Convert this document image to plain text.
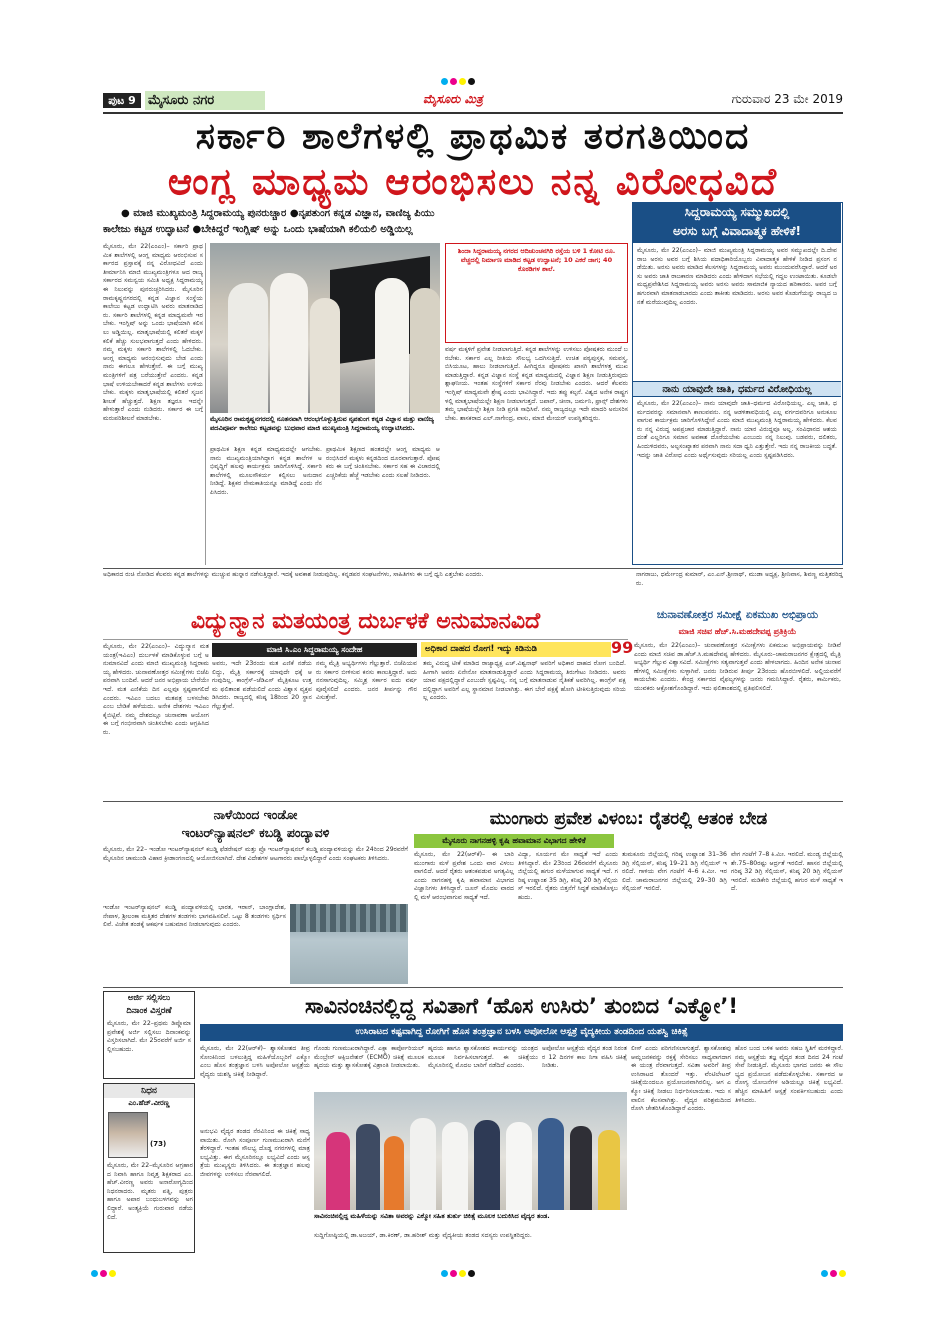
ಪುಟ 9 ಮೈಸೂರು ನಗರ	ಮೈಸೂರು ಮಿತ್ರ	ಗುರುವಾರ 23 ಮೇ 2019
ಸರ್ಕಾರಿ ಶಾಲೆಗಳಲ್ಲಿ ಪ್ರಾಥಮಿಕ ತರಗತಿಯಿಂದ
ಆಂಗ್ಲ ಮಾಧ್ಯಮ ಆರಂಭಿಸಲು ನನ್ನ ವಿರೋಧವಿದೆ
● ಮಾಜಿ ಮುಖ್ಯಮಂತ್ರಿ ಸಿದ್ದರಾಮಯ್ಯ ಪುನರುಚ್ಚಾರ ●ನೃಪತುಂಗ ಕನ್ನಡ ವಿಜ್ಞಾನ, ವಾಣಿಜ್ಯ ಪಿಯು
ಕಾಲೇಜು ಕಟ್ಟಡ ಉದ್ಘಾಟನೆ ●ಬೇಕಿದ್ದರೆ ಇಂಗ್ಲಿಷ್ ಅನ್ನು ಒಂದು ಭಾಷೆಯಾಗಿ ಕಲಿಯಲಿ ಅಡ್ಡಿಯಿಲ್ಲ
ಮೈಸೂರು, ಮೇ 22(ಎಂಎಂ)– ಸರ್ಕಾರಿ ಪ್ರಾಥಮಿಕ ಶಾಲೆಗಳಲ್ಲಿ ಆಂಗ್ಲ ಮಾಧ್ಯಮ ಆರಂಭಿಸುವ ಸರ್ಕಾರದ ಪ್ರಸ್ತಾವಕ್ಕೆ ನನ್ನ ವಿರೋಧವಿದೆ ಎಂದು ತೀರ್ಮಾನಿಸಿ ಮಾಜಿ ಮುಖ್ಯಮಂತ್ರಿಗಳೂ ಆದ ರಾಜ್ಯ ಸರ್ಕಾರದ ಸಮನ್ವಯ ಸಮಿತಿ ಅಧ್ಯಕ್ಷ ಸಿದ್ದರಾಮಯ್ಯ ಈ ನಿಲುವನ್ನು ಪುನರುಚ್ಚರಿಸಿದರು. ಮೈಸೂರಿನ ರಾಮಕೃಷ್ಣನಗರದಲ್ಲಿ ಕನ್ನಡ ವಿಜ್ಞಾನ ಸಂಸ್ಥೆಯ ಕಾಲೇಜು ಕಟ್ಟಡ ಉದ್ಘಾಟಿಸಿ ಅವರು ಮಾತನಾಡಿದರು. ಸರ್ಕಾರಿ ಶಾಲೆಗಳಲ್ಲಿ ಕನ್ನಡ ಮಾಧ್ಯಮವೇ ಇರಬೇಕು. ಇಂಗ್ಲಿಷ್ ಅನ್ನು ಒಂದು ಭಾಷೆಯಾಗಿ ಕಲಿಸಲು ಅಡ್ಡಿಯಿಲ್ಲ. ಮಾತೃಭಾಷೆಯಲ್ಲಿ ಕಲಿತರೆ ಮಕ್ಕಳ ಕಲಿಕೆ ಹೆಚ್ಚು ಸುಲಭವಾಗುತ್ತದೆ ಎಂದು ಹೇಳಿದರು. ನಮ್ಮ ಮಕ್ಕಳು ಸರ್ಕಾರಿ ಶಾಲೆಗಳಲ್ಲಿ ಓದಬೇಕು. ಆಂಗ್ಲ ಮಾಧ್ಯಮ ಆರಂಭಿಸುವುದು ಬೇಡ ಎಂದು ನಾನು ಈಗಲೂ ಹೇಳುತ್ತೇನೆ. ಈ ಬಗ್ಗೆ ಮುಖ್ಯಮಂತ್ರಿಗಳಿಗೆ ಪತ್ರ ಬರೆಯುತ್ತೇನೆ ಎಂದರು. ಕನ್ನಡ ಭಾಷೆ ಉಳಿಯಬೇಕಾದರೆ ಕನ್ನಡ ಶಾಲೆಗಳು ಉಳಿಯಬೇಕು. ಮಕ್ಕಳು ಮಾತೃಭಾಷೆಯಲ್ಲಿ ಕಲಿತರೆ ಸೃಜನಶೀಲತೆ ಹೆಚ್ಚುತ್ತದೆ. ಶಿಕ್ಷಣ ತಜ್ಞರೂ ಇದನ್ನೇ ಹೇಳುತ್ತಾರೆ ಎಂದು ನುಡಿದರು. ಸರ್ಕಾರ ಈ ಬಗ್ಗೆ ಮರುಪರಿಶೀಲನೆ ಮಾಡಬೇಕು.	ಮೈಸೂರಿನ ರಾಮಕೃಷ್ಣನಗರದಲ್ಲಿ ನೂತನವಾಗಿ ಆರಂಭಗೊಳ್ಳುತ್ತಿರುವ ನೃಪತುಂಗ ಕನ್ನಡ ವಿಜ್ಞಾನ ಮತ್ತು ವಾಣಿಜ್ಯ ಪದವಿಪೂರ್ವ ಕಾಲೇಜು ಕಟ್ಟಡವನ್ನು ಬುಧವಾರ ಮಾಜಿ ಮುಖ್ಯಮಂತ್ರಿ ಸಿದ್ದರಾಮಯ್ಯ ಉದ್ಘಾಟಿಸಿದರು.
ಶಿಂದಾ ಸಿದ್ದರಾಮಯ್ಯ ನಗರದ ಆದಿಚುಂಚನಗಿರಿ ರಸ್ತೆಯ ಬಳಿ 1 ಕೋಟಿ ರೂ. ವೆಚ್ಚದಲ್ಲಿ ನಿರ್ಮಾಣ ಮಾಡಿದ ಕಟ್ಟಡ ಉದ್ಘಾಟನೆ; 10 ಎಕರೆ ಜಾಗ; 40 ಕೊಠಡಿಗಳ ಶಾಲೆ.
ವರ್ಷ ಮಕ್ಕಳಿಗೆ ಪ್ರವೇಶ ನೀಡಲಾಗುತ್ತಿದೆ. ಕನ್ನಡ ಶಾಲೆಗಳನ್ನು ಉಳಿಸಲು ಪೋಷಕರು ಮುಂದೆ ಬರಬೇಕು. ಸರ್ಕಾರ ಎಲ್ಲ ರೀತಿಯ ಸೌಲಭ್ಯ ಒದಗಿಸುತ್ತಿದೆ. ಉಚಿತ ಪಠ್ಯಪುಸ್ತಕ, ಸಮವಸ್ತ್ರ, ಬಿಸಿಯೂಟ, ಹಾಲು ನೀಡಲಾಗುತ್ತಿದೆ. ಹೀಗಿದ್ದರೂ ಪೋಷಕರು ಖಾಸಗಿ ಶಾಲೆಗಳತ್ತ ಮುಖ ಮಾಡುತ್ತಿದ್ದಾರೆ. ಕನ್ನಡ ವಿಜ್ಞಾನ ಸಂಸ್ಥೆ ಕನ್ನಡ ಮಾಧ್ಯಮದಲ್ಲಿ ವಿಜ್ಞಾನ ಶಿಕ್ಷಣ ನೀಡುತ್ತಿರುವುದು ಶ್ಲಾಘನೀಯ. ಇಂತಹ ಸಂಸ್ಥೆಗಳಿಗೆ ಸರ್ಕಾರ ನೆರವು ನೀಡಬೇಕು ಎಂದರು. ಆದರೆ ಕೆಲವರು ಇಂಗ್ಲಿಷ್ ಮಾಧ್ಯಮವೇ ಶ್ರೇಷ್ಠ ಎಂದು ಭಾವಿಸಿದ್ದಾರೆ. ಇದು ತಪ್ಪು ಕಲ್ಪನೆ. ವಿಶ್ವದ ಅನೇಕ ರಾಷ್ಟ್ರಗಳಲ್ಲಿ ಮಾತೃಭಾಷೆಯಲ್ಲೇ ಶಿಕ್ಷಣ ನೀಡಲಾಗುತ್ತದೆ. ಜಪಾನ್, ಚೀನಾ, ಜರ್ಮನಿ, ಫ್ರಾನ್ಸ್ ದೇಶಗಳು ತಮ್ಮ ಭಾಷೆಯಲ್ಲೇ ಶಿಕ್ಷಣ ನೀಡಿ ಪ್ರಗತಿ ಸಾಧಿಸಿವೆ. ನಮ್ಮ ರಾಜ್ಯದಲ್ಲೂ ಇದೇ ಮಾದರಿ ಅನುಸರಿಸಬೇಕು. ಶಾಸಕರಾದ ಎಲ್.ನಾಗೇಂದ್ರ, ವಾಸು, ಮಾಜಿ ಮೇಯರ್ ಉಪಸ್ಥಿತರಿದ್ದರು.
ಪ್ರಾಥಮಿಕ ಶಿಕ್ಷಣ ಕನ್ನಡ ಮಾಧ್ಯಮದಲ್ಲೇ ಆಗಬೇಕು. ನಾನು ಮುಖ್ಯಮಂತ್ರಿಯಾಗಿದ್ದಾಗ ಕನ್ನಡ ಶಾಲೆಗಳ ಅಭಿವೃದ್ಧಿಗೆ ಹಲವು ಕಾರ್ಯಕ್ರಮ ಜಾರಿಗೊಳಿಸಿದ್ದೆ. ಸರ್ಕಾರಿ ಶಾಲೆಗಳಲ್ಲಿ ಮೂಲಸೌಕರ್ಯ ಕಲ್ಪಿಸಲು ಅನುದಾನ ನೀಡಿದ್ದೆ. ಶಿಕ್ಷಕರ ನೇಮಕಾತಿಯನ್ನೂ ಮಾಡಿದ್ದೆ ಎಂದು ನೆನಪಿಸಿದರು.
ಪ್ರಾಥಮಿಕ ಶಿಕ್ಷಣದ ಹಂತದಲ್ಲೇ ಆಂಗ್ಲ ಮಾಧ್ಯಮ ಆರಂಭಿಸಿದರೆ ಮಕ್ಕಳು ಕನ್ನಡದಿಂದ ದೂರವಾಗುತ್ತಾರೆ. ಪೋಷಕರು ಈ ಬಗ್ಗೆ ಚಿಂತಿಸಬೇಕು. ಸರ್ಕಾರ ಸಹ ಈ ವಿಚಾರದಲ್ಲಿ ಎಚ್ಚರಿಕೆಯ ಹೆಜ್ಜೆ ಇಡಬೇಕು ಎಂದು ಸಲಹೆ ನೀಡಿದರು.
ಸಿದ್ದರಾಮಯ್ಯ ಸಮ್ಮುಖದಲ್ಲಿ
ಅರಸು ಬಗ್ಗೆ ವಿವಾದಾತ್ಮಕ ಹೇಳಿಕೆ!
ಮೈಸೂರು, ಮೇ 22(ಎಂಎಂ)– ಮಾಜಿ ಮುಖ್ಯಮಂತ್ರಿ ಸಿದ್ದರಾಮಯ್ಯ ಅವರ ಸಮ್ಮುಖದಲ್ಲೇ ದಿ.ದೇವರಾಜ ಅರಸು ಅವರ ಬಗ್ಗೆ ಶಿಸಿಯ ಪದಾಧಿಕಾರಿಯೊಬ್ಬರು ವಿವಾದಾತ್ಮಕ ಹೇಳಿಕೆ ನೀಡಿದ ಪ್ರಸಂಗ ನಡೆಯಿತು. ಅರಸು ಅವರು ಮಾಡಿದ ಕೆಲಸಗಳನ್ನು ಸಿದ್ದರಾಮಯ್ಯ ಅವರು ಮುಂದುವರೆಸಿದ್ದಾರೆ. ಆದರೆ ಅರಸು ಅವರು ಜಾತಿ ರಾಜಕಾರಣ ಮಾಡಿದರು ಎಂದು ಹೇಳಿದಾಗ ಸಭೆಯಲ್ಲಿ ಗದ್ದಲ ಉಂಟಾಯಿತು. ಕೂಡಲೇ ಮಧ್ಯಪ್ರವೇಶಿಸಿದ ಸಿದ್ದರಾಮಯ್ಯ ಅವರು ಅರಸು ಅವರು ಸಾಮಾಜಿಕ ನ್ಯಾಯದ ಹರಿಕಾರರು. ಅವರ ಬಗ್ಗೆ ಹಗುರವಾಗಿ ಮಾತನಾಡಬಾರದು ಎಂದು ತಾಕೀತು ಮಾಡಿದರು. ಅರಸು ಅವರ ಕೊಡುಗೆಯನ್ನು ರಾಜ್ಯದ ಜನತೆ ಮರೆಯುವುದಿಲ್ಲ ಎಂದರು.
ನಾನು ಯಾವುದೇ ಜಾತಿ, ಧರ್ಮದ ವಿರೋಧಿಯಲ್ಲ
ಮೈಸೂರು, ಮೇ 22(ಎಂಎಂ)– ನಾನು ಯಾವುದೇ ಜಾತಿ–ಧರ್ಮದ ವಿರೋಧಿಯಲ್ಲ. ಎಲ್ಲ ಜಾತಿ, ಧರ್ಮದವರನ್ನು ಸಮಾನವಾಗಿ ಕಾಣುವವನು. ನನ್ನ ಆಡಳಿತಾವಧಿಯಲ್ಲಿ ಎಲ್ಲ ವರ್ಗದವರಿಗೂ ಅನುಕೂಲವಾಗುವ ಕಾರ್ಯಕ್ರಮ ಜಾರಿಗೊಳಿಸಿದ್ದೇನೆ ಎಂದು ಮಾಜಿ ಮುಖ್ಯಮಂತ್ರಿ ಸಿದ್ದರಾಮಯ್ಯ ಹೇಳಿದರು. ಕೆಲವರು ನನ್ನ ವಿರುದ್ಧ ಅಪಪ್ರಚಾರ ಮಾಡುತ್ತಿದ್ದಾರೆ. ನಾನು ಯಾರ ವಿರುದ್ಧವೂ ಅಲ್ಲ. ಸಂವಿಧಾನದ ಆಶಯದಂತೆ ಎಲ್ಲರಿಗೂ ಸಮಾನ ಅವಕಾಶ ದೊರೆಯಬೇಕು ಎಂಬುದು ನನ್ನ ನಿಲುವು. ಬಡವರು, ದಲಿತರು, ಹಿಂದುಳಿದವರು, ಅಲ್ಪಸಂಖ್ಯಾತರ ಪರವಾಗಿ ನಾನು ಸದಾ ಧ್ವನಿ ಎತ್ತುತ್ತೇನೆ. ಇದು ನನ್ನ ರಾಜಕೀಯ ಬದ್ಧತೆ. ಇದನ್ನು ಜಾತಿ ವಿರೋಧ ಎಂದು ಅರ್ಥೈಸುವುದು ಸರಿಯಲ್ಲ ಎಂದು ಸ್ಪಷ್ಟಪಡಿಸಿದರು.
ಅಧಿಕಾರದ ರುಚಿ ನೋಡಿದ ಕೆಲವರು ಕನ್ನಡ ಶಾಲೆಗಳನ್ನು ಮುಚ್ಚುವ ಹುನ್ನಾರ ನಡೆಸುತ್ತಿದ್ದಾರೆ. ಇದಕ್ಕೆ ಅವಕಾಶ ನೀಡುವುದಿಲ್ಲ. ಕನ್ನಡಪರ ಸಂಘಟನೆಗಳು, ಸಾಹಿತಿಗಳು ಈ ಬಗ್ಗೆ ಧ್ವನಿ ಎತ್ತಬೇಕು ಎಂದರು.	ನಾಗರಾಜು, ಧರ್ಮೇಂದ್ರ ಕುಮಾರ್, ಎಂ.ಎನ್.ಶ್ರೀನಾಥ್, ಮುಡಾ ಅಧ್ಯಕ್ಷ, ಶ್ರೀನಿವಾಸ, ಶಿವಣ್ಣ ಮತ್ತಿತರರಿದ್ದರು.
ವಿದ್ಯುನ್ಮಾನ ಮತಯಂತ್ರ ದುರ್ಬಳಕೆ ಅನುಮಾನವಿದೆ
ಮೈಸೂರು, ಮೇ 22(ಎಂಎಂ)– ವಿದ್ಯುನ್ಮಾನ ಮತಯಂತ್ರ(ಇವಿಎಂ) ದುರ್ಬಳಕೆ ಮಾಡಿಕೊಳ್ಳುವ ಬಗ್ಗೆ ಅನುಮಾನವಿದೆ ಎಂದು ಮಾಜಿ ಮುಖ್ಯಮಂತ್ರಿ ಸಿದ್ದರಾಮಯ್ಯ ಹೇಳಿದರು. ಚುನಾವಣೋತ್ತರ ಸಮೀಕ್ಷೆಗಳು ಬಿಜೆಪಿ ಪರವಾಗಿ ಬಂದಿವೆ. ಆದರೆ ಜನರ ಅಭಿಪ್ರಾಯ ಬೇರೆಯೇ ಇದೆ. ಮತ ಎಣಿಕೆಯ ದಿನ ಎಲ್ಲವೂ ಸ್ಪಷ್ಟವಾಗಲಿದೆ ಎಂದರು. ಇವಿಎಂ ಬದಲು ಮತಪತ್ರ ಬಳಸಬೇಕು ಎಂಬ ಬೇಡಿಕೆ ಹಳೆಯದು. ಅನೇಕ ದೇಶಗಳು ಇವಿಎಂ ಕೈಬಿಟ್ಟಿವೆ. ನಮ್ಮ ದೇಶದಲ್ಲೂ ಚುನಾವಣಾ ಆಯೋಗ ಈ ಬಗ್ಗೆ ಗಂಭೀರವಾಗಿ ಚಿಂತಿಸಬೇಕು ಎಂದು ಆಗ್ರಹಿಸಿದರು.
ಮಾಜಿ ಸಿ.ಎಂ ಸಿದ್ದರಾಮಯ್ಯ ಸಂದೇಹ
ಅವರು, ಇದೇ 23ರಂದು ಮತ ಎಣಿಕೆ ನಡೆಯಲಿದ್ದು, ಮೈತ್ರಿ ಸರ್ಕಾರಕ್ಕೆ ಯಾವುದೇ ಧಕ್ಕೆ ಆಗುವುದಿಲ್ಲ. ಕಾಂಗ್ರೆಸ್–ಜೆಡಿಎಸ್ ಮೈತ್ರಿಕೂಟ ಉತ್ತಮ ಫಲಿತಾಂಶ ಪಡೆಯಲಿದೆ ಎಂದು ವಿಶ್ವಾಸ ವ್ಯಕ್ತಪಡಿಸಿದರು. ರಾಜ್ಯದಲ್ಲಿ ಕನಿಷ್ಠ 18ರಿಂದ 20 ಸ್ಥಾನ ಗೆಲ್ಲುತ್ತೇವೆ.
ನಮ್ಮ ಮೈತ್ರಿ ಅಭ್ಯರ್ಥಿಗಳು ಗೆಲ್ಲುತ್ತಾರೆ. ಬಿಜೆಪಿಯವರು ಸರ್ಕಾರ ಬೀಳಿಸುವ ಕನಸು ಕಾಣುತ್ತಿದ್ದಾರೆ. ಅದು ನನಸಾಗುವುದಿಲ್ಲ. ಸಮ್ಮಿಶ್ರ ಸರ್ಕಾರ ಐದು ವರ್ಷ ಪೂರೈಸಲಿದೆ ಎಂದರು. ಜನರ ತೀರ್ಪನ್ನು ಗೌರವಿಸುತ್ತೇವೆ.
ಅಧಿಕಾರ ದಾಹದ ರೋಗ! ಇದ್ಕು ಕಿಡಿನುಡಿ	99
ತಮ್ಮ ವಿರುದ್ಧ ಟೀಕೆ ಮಾಡಿದ ರಾಜ್ಯಾಧ್ಯಕ್ಷ ಎಚ್.ವಿಶ್ವನಾಥ್ ಅವರಿಗೆ ಅಧಿಕಾರ ದಾಹದ ರೋಗ ಬಂದಿದೆ. ಹೀಗಾಗಿ ಅವರು ಏನೇನೋ ಮಾತನಾಡುತ್ತಿದ್ದಾರೆ ಎಂದು ಸಿದ್ದರಾಮಯ್ಯ ತಿರುಗೇಟು ನೀಡಿದರು. ಅವರು ಯಾವ ಪಕ್ಷದಲ್ಲಿದ್ದಾರೆ ಎಂಬುದೇ ಸ್ಪಷ್ಟವಿಲ್ಲ. ನನ್ನ ಬಗ್ಗೆ ಮಾತನಾಡುವ ನೈತಿಕತೆ ಅವರಿಗಿಲ್ಲ. ಕಾಂಗ್ರೆಸ್ ಪಕ್ಷದಲ್ಲಿದ್ದಾಗ ಅವರಿಗೆ ಎಲ್ಲ ಸ್ಥಾನಮಾನ ನೀಡಲಾಗಿತ್ತು. ಈಗ ಬೇರೆ ಪಕ್ಷಕ್ಕೆ ಹೋಗಿ ಟೀಕಿಸುತ್ತಿರುವುದು ಸರಿಯಲ್ಲ ಎಂದರು.
ಚುನಾವಣೋತ್ತರ ಸಮೀಕ್ಷೆ ಏಕಮುಖ ಅಭಿಪ್ರಾಯ
ಮಾಜಿ ಸಚಿವ ಹೆಚ್.ಸಿ.ಮಹದೇವಪ್ಪ ಪ್ರತಿಕ್ರಿಯೆ
ಮೈಸೂರು, ಮೇ 22(ಎಂಎಂ)– ಚುನಾವಣೋತ್ತರ ಸಮೀಕ್ಷೆಗಳು ಏಕಮುಖ ಅಭಿಪ್ರಾಯವನ್ನು ನೀಡಿವೆ ಎಂದು ಮಾಜಿ ಸಚಿವ ಡಾ.ಹೆಚ್.ಸಿ.ಮಹದೇವಪ್ಪ ಹೇಳಿದರು. ಮೈಸೂರು–ಚಾಮರಾಜನಗರ ಕ್ಷೇತ್ರದಲ್ಲಿ ಮೈತ್ರಿ ಅಭ್ಯರ್ಥಿ ಗೆಲ್ಲುವ ವಿಶ್ವಾಸವಿದೆ. ಸಮೀಕ್ಷೆಗಳು ಸತ್ಯವಾಗುತ್ತವೆ ಎಂದು ಹೇಳಲಾಗದು. ಹಿಂದಿನ ಅನೇಕ ಚುನಾವಣೆಗಳಲ್ಲಿ ಸಮೀಕ್ಷೆಗಳು ಸುಳ್ಳಾಗಿವೆ. ಜನರು ನೀಡಿರುವ ತೀರ್ಪು 23ರಂದು ಹೊರಬೀಳಲಿದೆ. ಅಲ್ಲಿಯವರೆಗೆ ಕಾಯಬೇಕು ಎಂದರು. ಕೇಂದ್ರ ಸರ್ಕಾರದ ವೈಫಲ್ಯಗಳನ್ನು ಜನರು ಗಮನಿಸಿದ್ದಾರೆ. ರೈತರು, ಕಾರ್ಮಿಕರು, ಯುವಕರು ಆಕ್ರೋಶಗೊಂಡಿದ್ದಾರೆ. ಇದು ಫಲಿತಾಂಶದಲ್ಲಿ ಪ್ರತಿಫಲಿಸಲಿದೆ.
ನಾಳೆಯಿಂದ ಇಂಡೋ
ಇಂಟರ್‌ನ್ಯಾಷನಲ್ ಕಬಡ್ಡಿ ಪಂದ್ಯಾವಳಿ
ಮೈಸೂರು, ಮೇ 22– ಇಂಡೋ ಇಂಟರ್‌ನ್ಯಾಷನಲ್ ಕಬಡ್ಡಿ ಫೆಡರೇಷನ್ ಮತ್ತು ಪ್ರೊ ಇಂಟರ್‌ನ್ಯಾಷನಲ್ ಕಬಡ್ಡಿ ಪಂದ್ಯಾವಳಿಯನ್ನು ಮೇ 24ರಿಂದ 29ರವರೆಗೆ ಮೈಸೂರಿನ ಚಾಮುಂಡಿ ವಿಹಾರ ಕ್ರೀಡಾಂಗಣದಲ್ಲಿ ಆಯೋಜಿಸಲಾಗಿದೆ. ದೇಶ ವಿದೇಶಗಳ ಆಟಗಾರರು ಪಾಲ್ಗೊಳ್ಳಲಿದ್ದಾರೆ ಎಂದು ಸಂಘಟಕರು ತಿಳಿಸಿದರು.
ಇಂಡೋ ಇಂಟರ್‌ನ್ಯಾಷನಲ್ ಕಬಡ್ಡಿ ಪಂದ್ಯಾವಳಿಯಲ್ಲಿ ಭಾರತ, ಇರಾನ್, ಬಾಂಗ್ಲಾದೇಶ, ನೇಪಾಳ, ಶ್ರೀಲಂಕಾ ಮತ್ತಿತರ ದೇಶಗಳ ತಂಡಗಳು ಭಾಗವಹಿಸಲಿವೆ. ಒಟ್ಟು 8 ತಂಡಗಳು ಸ್ಪರ್ಧಿಸಲಿವೆ. ವಿಜೇತ ತಂಡಕ್ಕೆ ಆಕರ್ಷಕ ಬಹುಮಾನ ನೀಡಲಾಗುವುದು ಎಂದರು.
ಮುಂಗಾರು ಪ್ರವೇಶ ವಿಳಂಬ: ರೈತರಲ್ಲಿ ಆತಂಕ ಬೇಡ
ಮೈಸೂರು ನಾಗನಹಳ್ಳಿ ಕೃಷಿ ಹವಾಮಾನ ವಿಭಾಗದ ಹೇಳಿಕೆ
ಮೈಸೂರು, ಮೇ 22(ಆರ್‌ಕೆ)– ಈ ಬಾರಿ ಮುಂಗಾರು ಮಳೆ ಪ್ರವೇಶ ಒಂದು ವಾರ ವಿಳಂಬವಾಗಲಿದೆ. ಆದರೆ ರೈತರು ಆತಂಕಪಡುವ ಅಗತ್ಯವಿಲ್ಲ ಎಂದು ನಾಗನಹಳ್ಳಿ ಕೃಷಿ ಹವಾಮಾನ ವಿಭಾಗದ ವಿಜ್ಞಾನಿಗಳು ತಿಳಿಸಿದ್ದಾರೆ. ಜೂನ್ ಮೊದಲ ವಾರದಲ್ಲಿ ಮಳೆ ಆರಂಭವಾಗುವ ಸಾಧ್ಯತೆ ಇದೆ.
ವಿದ್ಯಾ, ಸೂರ್ಯನ ಮೇ ಸಾಧ್ಯತೆ ಇದೆ ಎಂದು ತಿಳಿಸಿದ್ದಾರೆ. ಮೇ 23ರಿಂದ 26ರವರೆಗೆ ಮೈಸೂರು ಜಿಲ್ಲೆಯಲ್ಲಿ ಹಗುರ ಮಳೆಯಾಗುವ ಸಾಧ್ಯತೆ ಇದೆ. ಗರಿಷ್ಠ ಉಷ್ಣಾಂಶ 35 ಡಿಗ್ರಿ, ಕನಿಷ್ಠ 20 ಡಿಗ್ರಿ ಸೆಲ್ಸಿಯಸ್ ಇರಲಿದೆ. ರೈತರು ಬಿತ್ತನೆಗೆ ಸಿದ್ಧತೆ ಮಾಡಿಕೊಳ್ಳಬಹುದು.
ತುಮಕೂರು ಜಿಲ್ಲೆಯಲ್ಲಿ ಗರಿಷ್ಠ ಉಷ್ಣಾಂಶ 31–36 ಡಿಗ್ರಿ ಸೆಲ್ಸಿಯಸ್, ಕನಿಷ್ಠ 19–21 ಡಿಗ್ರಿ ಸೆಲ್ಸಿಯಸ್ ಇರಲಿದೆ. ಗಾಳಿಯ ವೇಗ ಗಂಟೆಗೆ 4–6 ಕಿ.ಮೀ. ಇರಲಿದೆ. ಚಾಮರಾಜನಗರ ಜಿಲ್ಲೆಯಲ್ಲಿ 29–30 ಡಿಗ್ರಿ ಸೆಲ್ಸಿಯಸ್ ಇರಲಿದೆ.
ವೇಗ ಗಂಟೆಗೆ 7–8 ಕಿ.ಮೀ. ಇರಲಿದೆ. ಮಂಡ್ಯ ಜಿಲ್ಲೆಯಲ್ಲಿ ಶೇ.75–80ರಷ್ಟು ಆರ್ದ್ರತೆ ಇರಲಿದೆ. ಹಾಸನ ಜಿಲ್ಲೆಯಲ್ಲಿ ಗರಿಷ್ಠ 32 ಡಿಗ್ರಿ ಸೆಲ್ಸಿಯಸ್, ಕನಿಷ್ಠ 20 ಡಿಗ್ರಿ ಸೆಲ್ಸಿಯಸ್ ಇರಲಿದೆ. ಮಡಿಕೇರಿ ಜಿಲ್ಲೆಯಲ್ಲಿ ಹಗುರ ಮಳೆ ಸಾಧ್ಯತೆ ಇದೆ.
ಅರ್ಜಿ ಸಲ್ಲಿಸಲು
ದಿನಾಂಕ ವಿಸ್ತರಣೆ
ಮೈಸೂರು, ಮೇ 22–ಪ್ರಥಮ ಡಿಪ್ಲೊಮಾ ಪ್ರವೇಶಕ್ಕೆ ಅರ್ಜಿ ಸಲ್ಲಿಸಲು ದಿನಾಂಕವನ್ನು ವಿಸ್ತರಿಸಲಾಗಿದೆ. ಮೇ 25ರವರೆಗೆ ಅರ್ಜಿ ಸಲ್ಲಿಸಬಹುದು.
ನಿಧನ
ಎಂ.ಹೆಚ್.ವೀರಣ್ಣ
(73)
ಮೈಸೂರು, ಮೇ 22–ಮೈಸೂರಿನ ಆಗ್ರಹಾರದ ನಿವಾಸಿ ಹಾಗೂ ನಿವೃತ್ತ ಶಿಕ್ಷಕರಾದ ಎಂ.ಹೆಚ್.ವೀರಣ್ಣ ಅವರು ಅನಾರೋಗ್ಯದಿಂದ ನಿಧನರಾದರು. ಮೃತರು ಪತ್ನಿ, ಪುತ್ರರು ಹಾಗೂ ಅಪಾರ ಬಂಧುಬಳಗವನ್ನು ಅಗಲಿದ್ದಾರೆ. ಅಂತ್ಯಕ್ರಿಯೆ ಗುರುವಾರ ನಡೆಯಲಿದೆ.
ಸಾವಿನಂಚಿನಲ್ಲಿದ್ದ ಸವಿತಾಗೆ ‘ಹೊಸ ಉಸಿರು’ ತುಂಬಿದ ‘ಎಕ್ಮೋ’!
ಉಸಿರಾಟದ ಕಷ್ಟವಾಗಿದ್ದ ರೋಗಿಗೆ ಹೊಸ ತಂತ್ರಜ್ಞಾನ ಬಳಸಿ ಅಪೋಲೋ ಆಸ್ಪತ್ರೆ ವೈದ್ಯಕೀಯ ತಂಡದಿಂದ ಯಶಸ್ವಿ ಚಿಕಿತ್ಸೆ
ಮೈಸೂರು, ಮೇ 22(ಆರ್‌ಕೆ)– ಶ್ವಾಸಕೋಶದ ತೀವ್ರ ಸೋಂಕಿನಿಂದ ಬಳಲುತ್ತಿದ್ದ ಮಹಿಳೆಯೊಬ್ಬರಿಗೆ ಎಕ್ಮೋ ಎಂಬ ಹೊಸ ತಂತ್ರಜ್ಞಾನ ಬಳಸಿ ಅಪೋಲೋ ಆಸ್ಪತ್ರೆಯ ವೈದ್ಯರು ಯಶಸ್ವಿ ಚಿಕಿತ್ಸೆ ನೀಡಿದ್ದಾರೆ.
ಗೊಂಡು ಗುಣಮುಖರಾಗಿದ್ದಾರೆ. ಎಕ್ಸ್ಟ್ರಾ ಕಾರ್ಪೋರಿಯಲ್ ಮೆಂಬ್ರೇನ್ ಆಕ್ಸಿಜನೇಶನ್ (ECMO) ಚಿಕಿತ್ಸೆ ಮೂಲಕ ಹೃದಯ ಮತ್ತು ಶ್ವಾಸಕೋಶಕ್ಕೆ ವಿಶ್ರಾಂತಿ ನೀಡಲಾಯಿತು.
ಹೃದಯ ಹಾಗೂ ಶ್ವಾಸಕೋಶದ ಕಾರ್ಯವನ್ನು ಯಂತ್ರದ ಮೂಲಕ ನಿರ್ವಹಿಸಲಾಗುತ್ತದೆ. ಈ ಚಿಕಿತ್ಸೆಯು ಮೈಸೂರಿನಲ್ಲಿ ಮೊದಲ ಬಾರಿಗೆ ನಡೆದಿದೆ ಎಂದರು.
ಅಪೋಲೋ ಆಸ್ಪತ್ರೆಯ ವೈದ್ಯರ ತಂಡ ನಿರಂತರ 12 ದಿನಗಳ ಕಾಲ ನಿಗಾ ವಹಿಸಿ ಚಿಕಿತ್ಸೆ ನೀಡಿತು.
ಸಾವಿನಂಚಿನಲ್ಲಿದ್ದ ಮಹಿಳೆಯನ್ನು ಸವಿತಾ ಅವರನ್ನು ಎಕ್ಮೋ ಸಹಿತ ತುರ್ತು ಚಿಕಿತ್ಸೆ ಮೂಲಕ ಬದುಕಿಸಿದ ವೈದ್ಯರ ತಂಡ.
ಅನುಭವಿ ವೈದ್ಯರ ತಂಡದ ನೆರವಿನಿಂದ ಈ ಚಿಕಿತ್ಸೆ ಸಾಧ್ಯವಾಯಿತು. ರೋಗಿ ಸಂಪೂರ್ಣ ಗುಣಮುಖರಾಗಿ ಮನೆಗೆ ತೆರಳಿದ್ದಾರೆ. ಇಂತಹ ಸೌಲಭ್ಯ ದೊಡ್ಡ ನಗರಗಳಲ್ಲಿ ಮಾತ್ರ ಲಭ್ಯವಿತ್ತು. ಈಗ ಮೈಸೂರಿನಲ್ಲೂ ಲಭ್ಯವಿದೆ ಎಂದು ಆಸ್ಪತ್ರೆಯ ಮುಖ್ಯಸ್ಥರು ತಿಳಿಸಿದರು. ಈ ತಂತ್ರಜ್ಞಾನ ಹಲವು ಜೀವಗಳನ್ನು ಉಳಿಸಲು ನೆರವಾಗಲಿದೆ.
ಸುದ್ದಿಗೋಷ್ಠಿಯಲ್ಲಿ ಡಾ.ಅಜಯ್, ಡಾ.ಕಿರಣ್, ಡಾ.ಹರೀಶ್ ಮತ್ತು ವೈದ್ಯಕೀಯ ತಂಡದ ಸದಸ್ಯರು ಉಪಸ್ಥಿತರಿದ್ದರು.
ಲೀಸ್ ಎಂದು ಪರಿಗಣಿಸಲಾಗುತ್ತದೆ. ಶ್ವಾಸಕೋಶವು ಆಮ್ಲಜನಕವನ್ನು ರಕ್ತಕ್ಕೆ ಸೇರಿಸಲು ಸಾಧ್ಯವಾಗದಾಗ ಈ ಯಂತ್ರ ನೆರವಾಗುತ್ತದೆ. ಸವಿತಾ ಅವರಿಗೆ ತೀವ್ರ ಉಸಿರಾಟದ ತೊಂದರೆ ಇತ್ತು. ವೆಂಟಿಲೇಟರ್ ಚಿಕಿತ್ಸೆಯಿಂದಲೂ ಪ್ರಯೋಜನವಾಗಿರಲಿಲ್ಲ. ಆಗ ಎಕ್ಮೋ ಚಿಕಿತ್ಸೆ ನೀಡಲು ನಿರ್ಧರಿಸಲಾಯಿತು. ಇದು ಸವಾಲಿನ ಕೆಲಸವಾಗಿತ್ತು. ವೈದ್ಯರ ಪರಿಶ್ರಮದಿಂದ ರೋಗಿ ಚೇತರಿಸಿಕೊಂಡಿದ್ದಾರೆ ಎಂದರು.
ಹೊರ ಬಂದ ಬಳಿಕ ಅವರು ಸಹಜ ಸ್ಥಿತಿಗೆ ಮರಳಿದ್ದಾರೆ. ನಮ್ಮ ಆಸ್ಪತ್ರೆಯ ತಜ್ಞ ವೈದ್ಯರ ತಂಡ ದಿನದ 24 ಗಂಟೆ ಸೇವೆ ನೀಡುತ್ತಿದೆ. ಮೈಸೂರು ಭಾಗದ ಜನರು ಈ ಸೌಲಭ್ಯದ ಪ್ರಯೋಜನ ಪಡೆದುಕೊಳ್ಳಬೇಕು. ಸರ್ಕಾರದ ಆರೋಗ್ಯ ಯೋಜನೆಗಳ ಅಡಿಯಲ್ಲೂ ಚಿಕಿತ್ಸೆ ಲಭ್ಯವಿದೆ. ಹೆಚ್ಚಿನ ಮಾಹಿತಿಗೆ ಆಸ್ಪತ್ರೆ ಸಂಪರ್ಕಿಸಬಹುದು ಎಂದು ತಿಳಿಸಿದರು.
